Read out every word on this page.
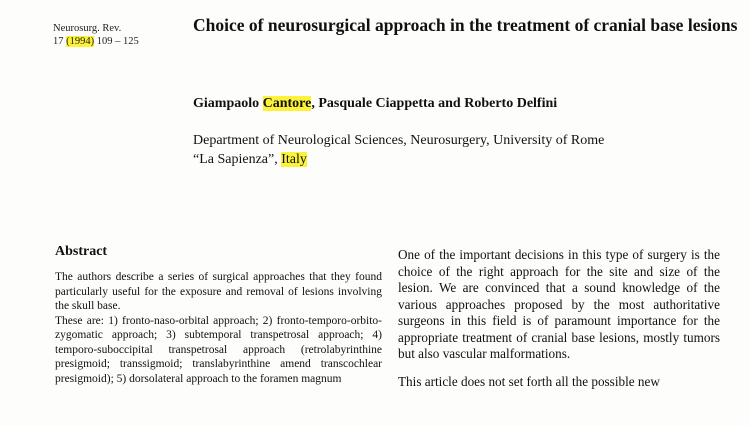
Neurosurg. Rev.
17 (1994) 109 – 125
Choice of neurosurgical approach in the treatment of cranial base lesions
Giampaolo Cantore, Pasquale Ciappetta and Roberto Delfini
Department of Neurological Sciences, Neurosurgery, University of Rome
“La Sapienza”, Italy
Abstract

The authors describe a series of surgical approaches that they found particularly useful for the exposure and removal of lesions involving the skull base.

These are: 1) fronto-naso-orbital approach; 2) fronto-temporo-orbito-zygomatic approach; 3) subtemporal transpetrosal approach; 4) temporo-suboccipital transpetrosal approach (retrolabyrinthine presigmoid; transsigmoid; translabyrinthine amend transcochlear presigmoid); 5) dorsolateral approach to the foramen magnum

One of the important decisions in this type of surgery is the choice of the right approach for the site and size of the lesion. We are convinced that a sound knowledge of the various approaches proposed by the most authoritative surgeons in this field is of paramount importance for the appropriate treatment of cranial base lesions, mostly tumors but also vascular malformations.

This article does not set forth all the possible new
